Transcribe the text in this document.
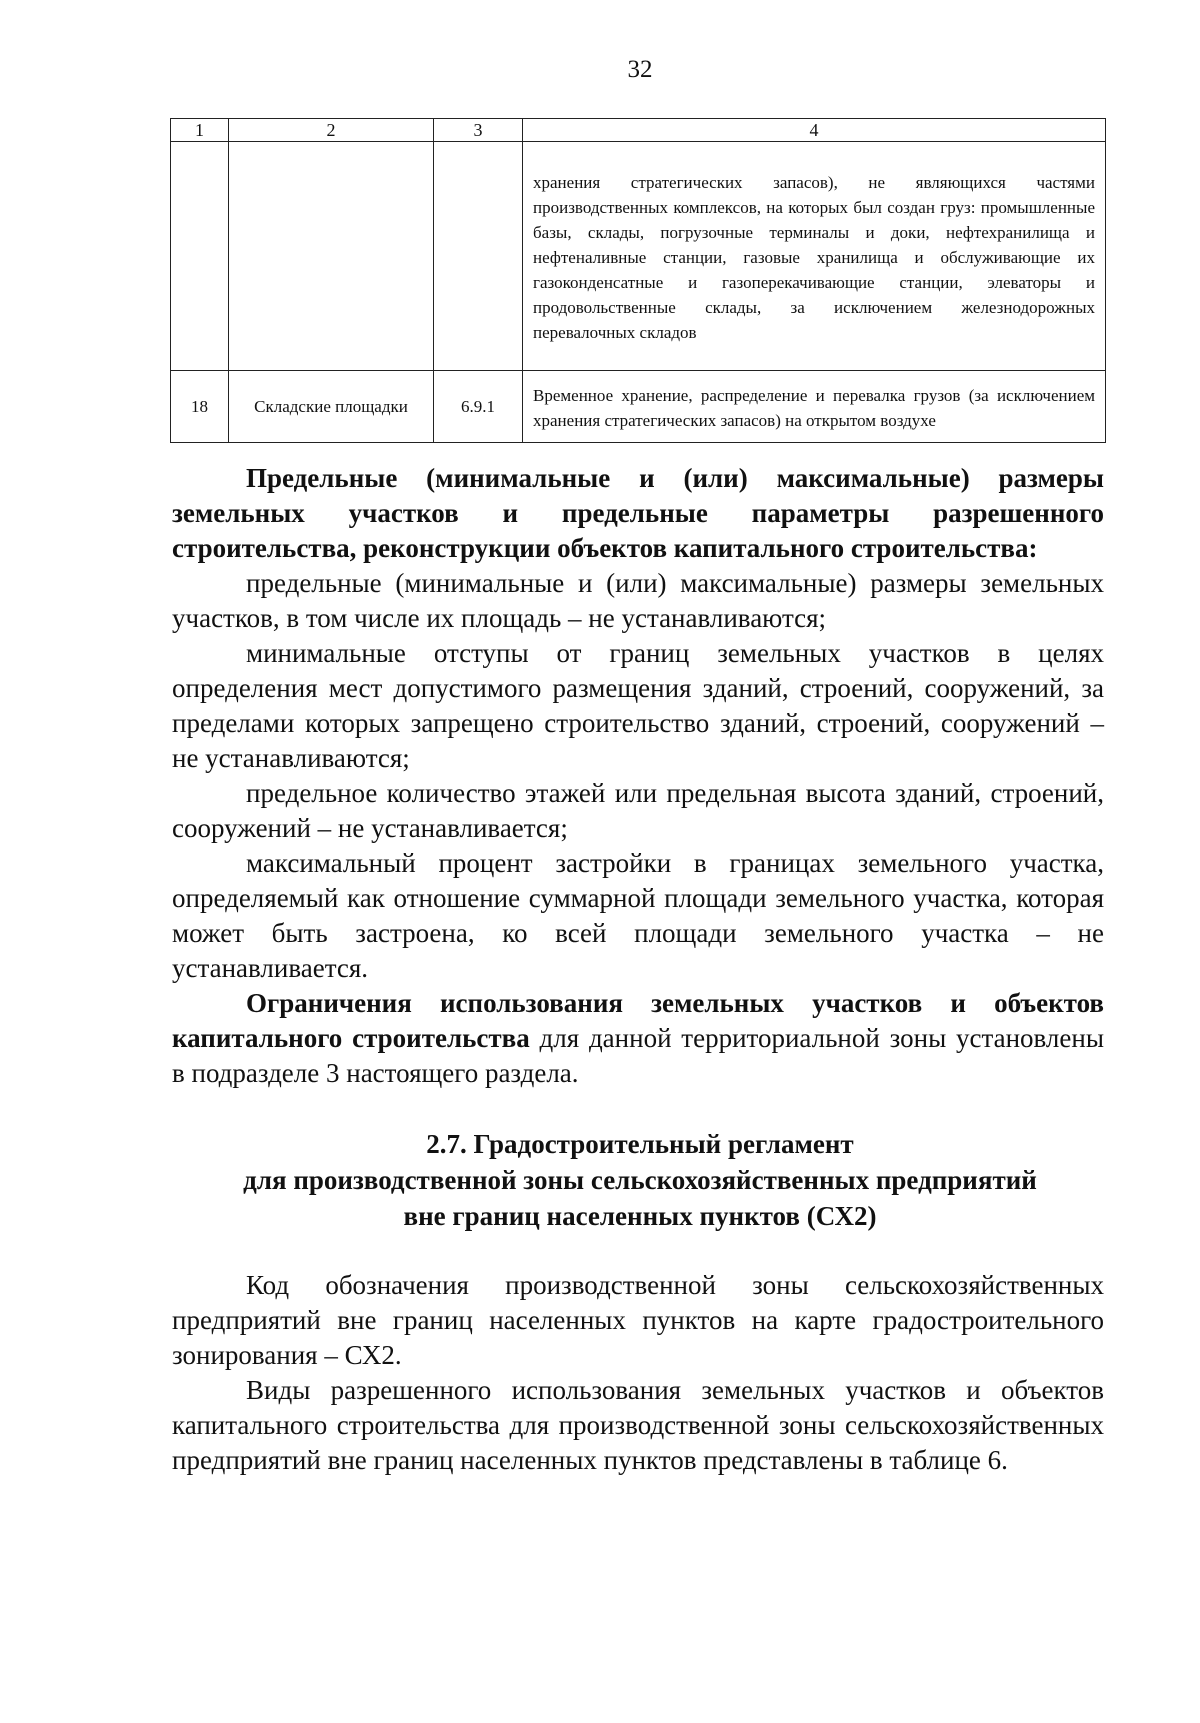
32
1	2	3	4
			хранения стратегических запасов), не являющихся частями производственных комплексов, на которых был создан груз: промышленные базы, склады, погрузочные терминалы и доки, нефтехранилища и нефтеналивные станции, газовые хранилища и обслуживающие их газоконденсатные и газоперекачивающие станции, элеваторы и продовольственные склады, за исключением железнодорожных перевалочных складов
18	Складские площадки	6.9.1	Временное хранение, распределение и перевалка грузов (за исключением хранения стратегических запасов) на открытом воздухе

Предельные (минимальные и (или) максимальные) размеры земельных участков и предельные параметры разрешенного строительства, реконструкции объектов капитального строительства:

предельные (минимальные и (или) максимальные) размеры земельных участков, в том числе их площадь – не устанавливаются;

минимальные отступы от границ земельных участков в целях определения мест допустимого размещения зданий, строений, сооружений, за пределами которых запрещено строительство зданий, строений, сооружений – не устанавливаются;

предельное количество этажей или предельная высота зданий, строений, сооружений – не устанавливается;

максимальный процент застройки в границах земельного участка, определяемый как отношение суммарной площади земельного участка, которая может быть застроена, ко всей площади земельного участка – не устанавливается.

Ограничения использования земельных участков и объектов капитального строительства для данной территориальной зоны установлены в подразделе 3 настоящего раздела.

2.7. Градостроительный регламент
для производственной зоны сельскохозяйственных предприятий
вне границ населенных пунктов (СХ2)

Код обозначения производственной зоны сельскохозяйственных предприятий вне границ населенных пунктов на карте градостроительного зонирования – СХ2.

Виды разрешенного использования земельных участков и объектов капитального строительства для производственной зоны сельскохозяйственных предприятий вне границ населенных пунктов представлены в таблице 6.
